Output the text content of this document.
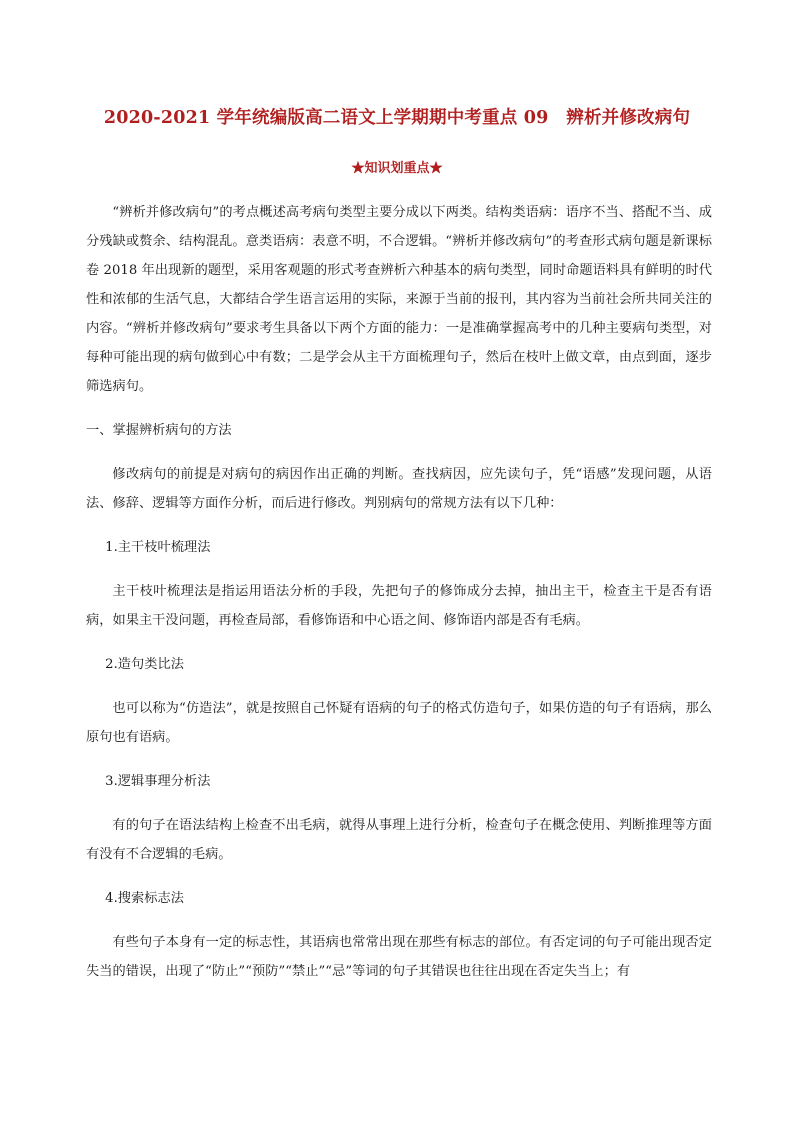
2020-2021 学年统编版高二语文上学期期中考重点 09　辨析并修改病句
★知识划重点★

“辨析并修改病句”的考点概述高考病句类型主要分成以下两类。结构类语病：语序不当、搭配不当、成分残缺或赘余、结构混乱。意类语病：表意不明，不合逻辑。“辨析并修改病句”的考查形式病句题是新课标卷 2018 年出现新的题型，采用客观题的形式考查辨析六种基本的病句类型，同时命题语料具有鲜明的时代性和浓郁的生活气息，大都结合学生语言运用的实际，来源于当前的报刊，其内容为当前社会所共同关注的内容。“辨析并修改病句”要求考生具备以下两个方面的能力：一是准确掌握高考中的几种主要病句类型，对每种可能出现的病句做到心中有数；二是学会从主干方面梳理句子，然后在枝叶上做文章，由点到面，逐步筛选病句。

一、掌握辨析病句的方法

修改病句的前提是对病句的病因作出正确的判断。查找病因，应先读句子，凭“语感”发现问题，从语法、修辞、逻辑等方面作分析，而后进行修改。判别病句的常规方法有以下几种：

1.主干枝叶梳理法

主干枝叶梳理法是指运用语法分析的手段，先把句子的修饰成分去掉，抽出主干，检查主干是否有语病，如果主干没问题，再检查局部，看修饰语和中心语之间、修饰语内部是否有毛病。

2.造句类比法

也可以称为“仿造法”，就是按照自己怀疑有语病的句子的格式仿造句子，如果仿造的句子有语病，那么原句也有语病。

3.逻辑事理分析法

有的句子在语法结构上检查不出毛病，就得从事理上进行分析，检查句子在概念使用、判断推理等方面有没有不合逻辑的毛病。

4.搜索标志法

有些句子本身有一定的标志性，其语病也常常出现在那些有标志的部位。有否定词的句子可能出现否定失当的错误，出现了“防止”“预防”“禁止”“忌”等词的句子其错误也往往出现在否定失当上；有
